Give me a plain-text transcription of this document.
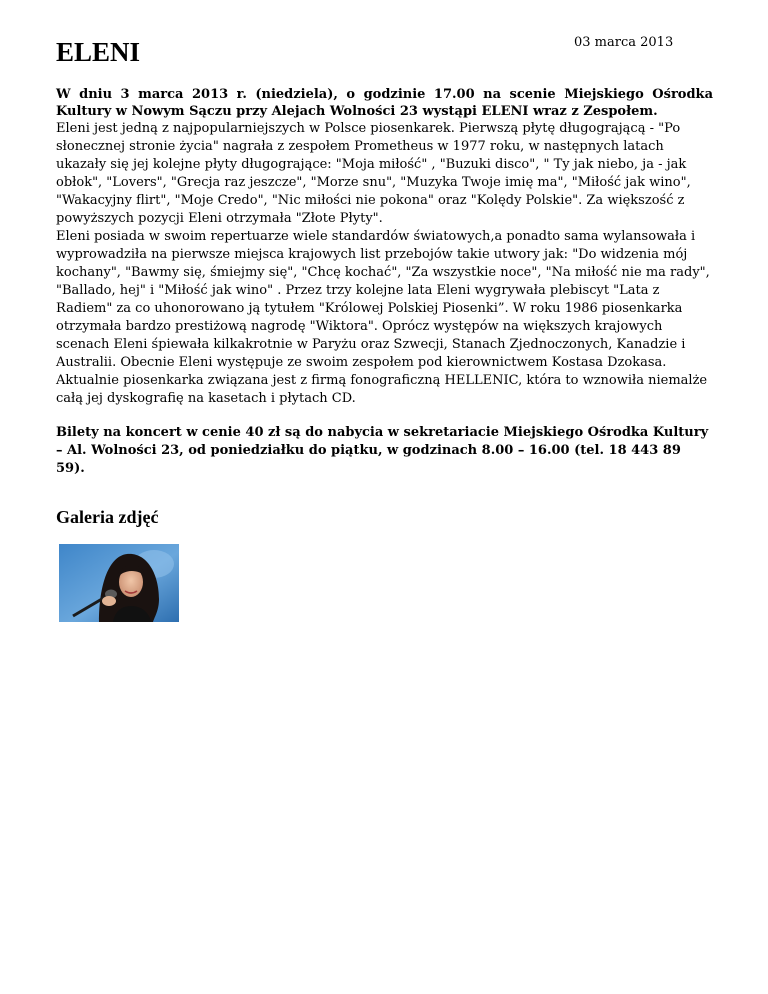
ELENI	03 marca 2013

W dniu 3 marca 2013 r. (niedziela), o godzinie 17.00 na scenie Miejskiego Ośrodka Kultury w Nowym Sączu przy Alejach Wolności 23 wystąpi ELENI wraz z Zespołem.

Eleni jest jedną z najpopularniejszych w Polsce piosenkarek. Pierwszą płytę długogrającą - "Po słonecznej stronie życia" nagrała z zespołem Prometheus w 1977 roku, w następnych latach ukazały się jej kolejne płyty długogrające: "Moja miłość" , "Buzuki disco", " Ty jak niebo, ja - jak obłok", "Lovers", "Grecja raz jeszcze", "Morze snu", "Muzyka Twoje imię ma", "Miłość jak wino", "Wakacyjny flirt", "Moje Credo", "Nic miłości nie pokona" oraz "Kolędy Polskie". Za większość z powyższych pozycji Eleni otrzymała "Złote Płyty".

Eleni posiada w swoim repertuarze wiele standardów światowych,a ponadto sama wylansowała i wyprowadziła na pierwsze miejsca krajowych list przebojów takie utwory jak: "Do widzenia mój kochany", "Bawmy się, śmiejmy się", "Chcę kochać", "Za wszystkie noce", "Na miłość nie ma rady", "Ballado, hej" i "Miłość jak wino" . Przez trzy kolejne lata Eleni wygrywała plebiscyt "Lata z Radiem" za co uhonorowano ją tytułem "Królowej Polskiej Piosenki”. W roku 1986 piosenkarka otrzymała bardzo prestiżową nagrodę "Wiktora". Oprócz występów na większych krajowych scenach Eleni śpiewała kilkakrotnie w Paryżu oraz Szwecji, Stanach Zjednoczonych, Kanadzie i Australii. Obecnie Eleni występuje ze swoim zespołem pod kierownictwem Kostasa Dzokasa. Aktualnie piosenkarka związana jest z firmą fonograficzną HELLENIC, która to wznowiła niemalże całą jej dyskografię na kasetach i płytach CD.

Bilety na koncert w cenie 40 zł są do nabycia w sekretariacie Miejskiego Ośrodka Kultury – Al. Wolności 23, od poniedziałku do piątku, w godzinach 8.00 – 16.00 (tel. 18 443 89 59).

Galeria zdjęć
